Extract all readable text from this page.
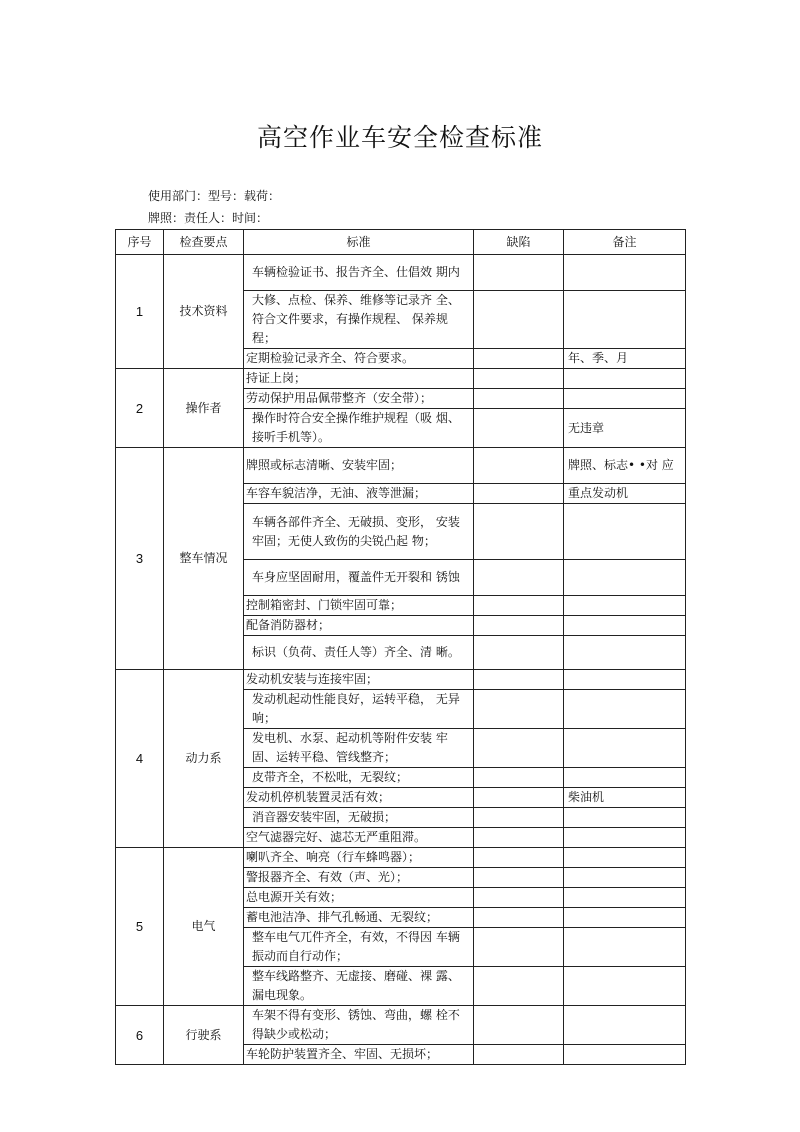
高空作业车安全检查标准
使用部门：型号：载荷：
牌照：责任人：时间：
序号	检查要点	标准	缺陷	备注
1	技术资料	车辆检验证书、报告齐全、仕倡效 期内		
		大修、点检、保养、维修等记录齐 全、符合文件要求，有操作规程、 保养规程；		
		定期检验记录齐全、符合要求。		年、季、月
2	操作者	持证上岗；		
		劳动保护用品佩带整齐（安全带）；		
		操作时符合安全操作维护规程（吸 烟、接听手机等）。		无违章
3	整车情况	牌照或标志清晰、安装牢固；		牌照、标志• •对 应
		车容车貌洁净，无油、液等泄漏；		重点发动机
		车辆各部件齐全、无破损、变形， 安装牢固；无使人致伤的尖锐凸起 物；		
		车身应坚固耐用，覆盖件无开裂和 锈蚀		
		控制箱密封、门锁牢固可靠；		
		配备消防器材；		
		标识（负荷、责任人等）齐全、清 晰。		
4	动力系	发动机安装与连接牢固；		
		发动机起动性能良好，运转平稳， 无异响；		
		发电机、水泵、起动机等附件安装 牢固、运转平稳、管线整齐；		
		皮带齐全，不松吡，无裂纹；		
		发动机停机装置灵活有效；		柴油机
		消音器安装牢固，无破损；		
		空气滤器完好、滤芯无严重阻滞。		
5	电气	喇叭齐全、响亮（行车蜂鸣器）；		
		警报器齐全、有效（声、光）；		
		总电源开关有效；		
		蓄电池洁净、排气孔畅通、无裂纹；		
		整车电气兀件齐全，有效，不得因 车辆振动而自行动作；		
		整车线路整齐、无虚接、磨碰、裸 露、漏电现象。		
6	行驶系	车架不得有变形、锈蚀、弯曲，螺 栓不得缺少或松动；		
		车轮防护装置齐全、牢固、无损坏；		
